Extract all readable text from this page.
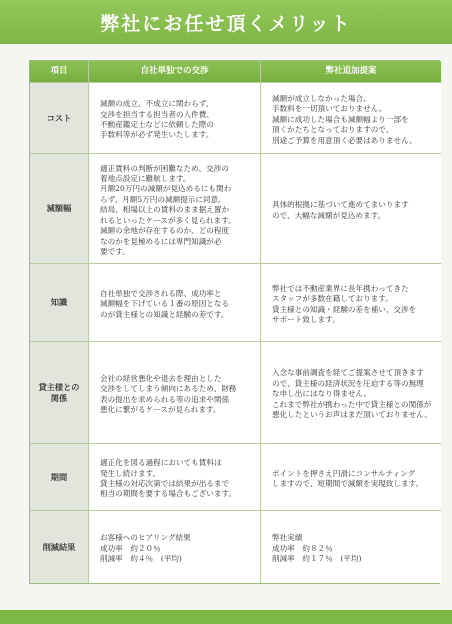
弊社にお任せ頂くメリット
項目	自社単独での交渉	弊社追加提案
コスト
減額の成立、不成立に関わらず、
交渉を担当する担当者の人件費、
不動産鑑定士などに依頼した際の
手数料等が必ず発生いたします。
減額が成立しなかった場合、
手数料を一切頂いておりません。
減額に成功した場合も減額幅より一部を
頂くかたちとなっておりますので、
別途ご予算を用意頂く必要はありません。
減額幅
適正賃料の判断が困難なため、交渉の
着地点設定に難航します。
月額20万円の減額が見込めるにも関わ
らず、月額5万円の減額提示に同意。
結局、相場以上の賃料のまま据え置か
れるといったケースが多く見られます。
減額の余地が存在するのか、どの程度
なのかを見極めるには専門知識が必
要です。
具体的根拠に基づいて進めてまいります
ので、大幅な減額が見込めます。
知識
自社単独で交渉される際、成功率と
減額幅を下げている１番の原因となる
のが貸主様との知識と経験の差です。
弊社では不動産業界に長年携わってきた
スタッフが多数在籍しております。
貸主様との知識・経験の差を補い、交渉を
サポート致します。
貸主様との
関係
会社の経営悪化や退去を理由とした
交渉をしてしまう傾向にあるため、財務
表の提出を求められる等の追求や関係
悪化に繋がるケースが見られます。
入念な事前調査を経てご提案させて頂きます
ので、貸主様の経済状況を圧迫する等の無理
な申し出にはなり得ません。
これまで弊社が携わった中で貸主様との関係が
悪化したというお声はまだ頂いておりません。
期間
適正化を図る過程においても賃料は
発生し続けます。
貸主様の対応次第では結果が出るまで
相当の期間を要する場合もございます。
ポイントを押さえ円滑にコンサルティング
しますので、短期間で減額を実現致します。
削減結果
お客様へのヒアリング結果
成功率　約２０％
削減率　約４％　(平均)
弊社実績
成功率　約８２％
削減率　約１７％　(平均)
